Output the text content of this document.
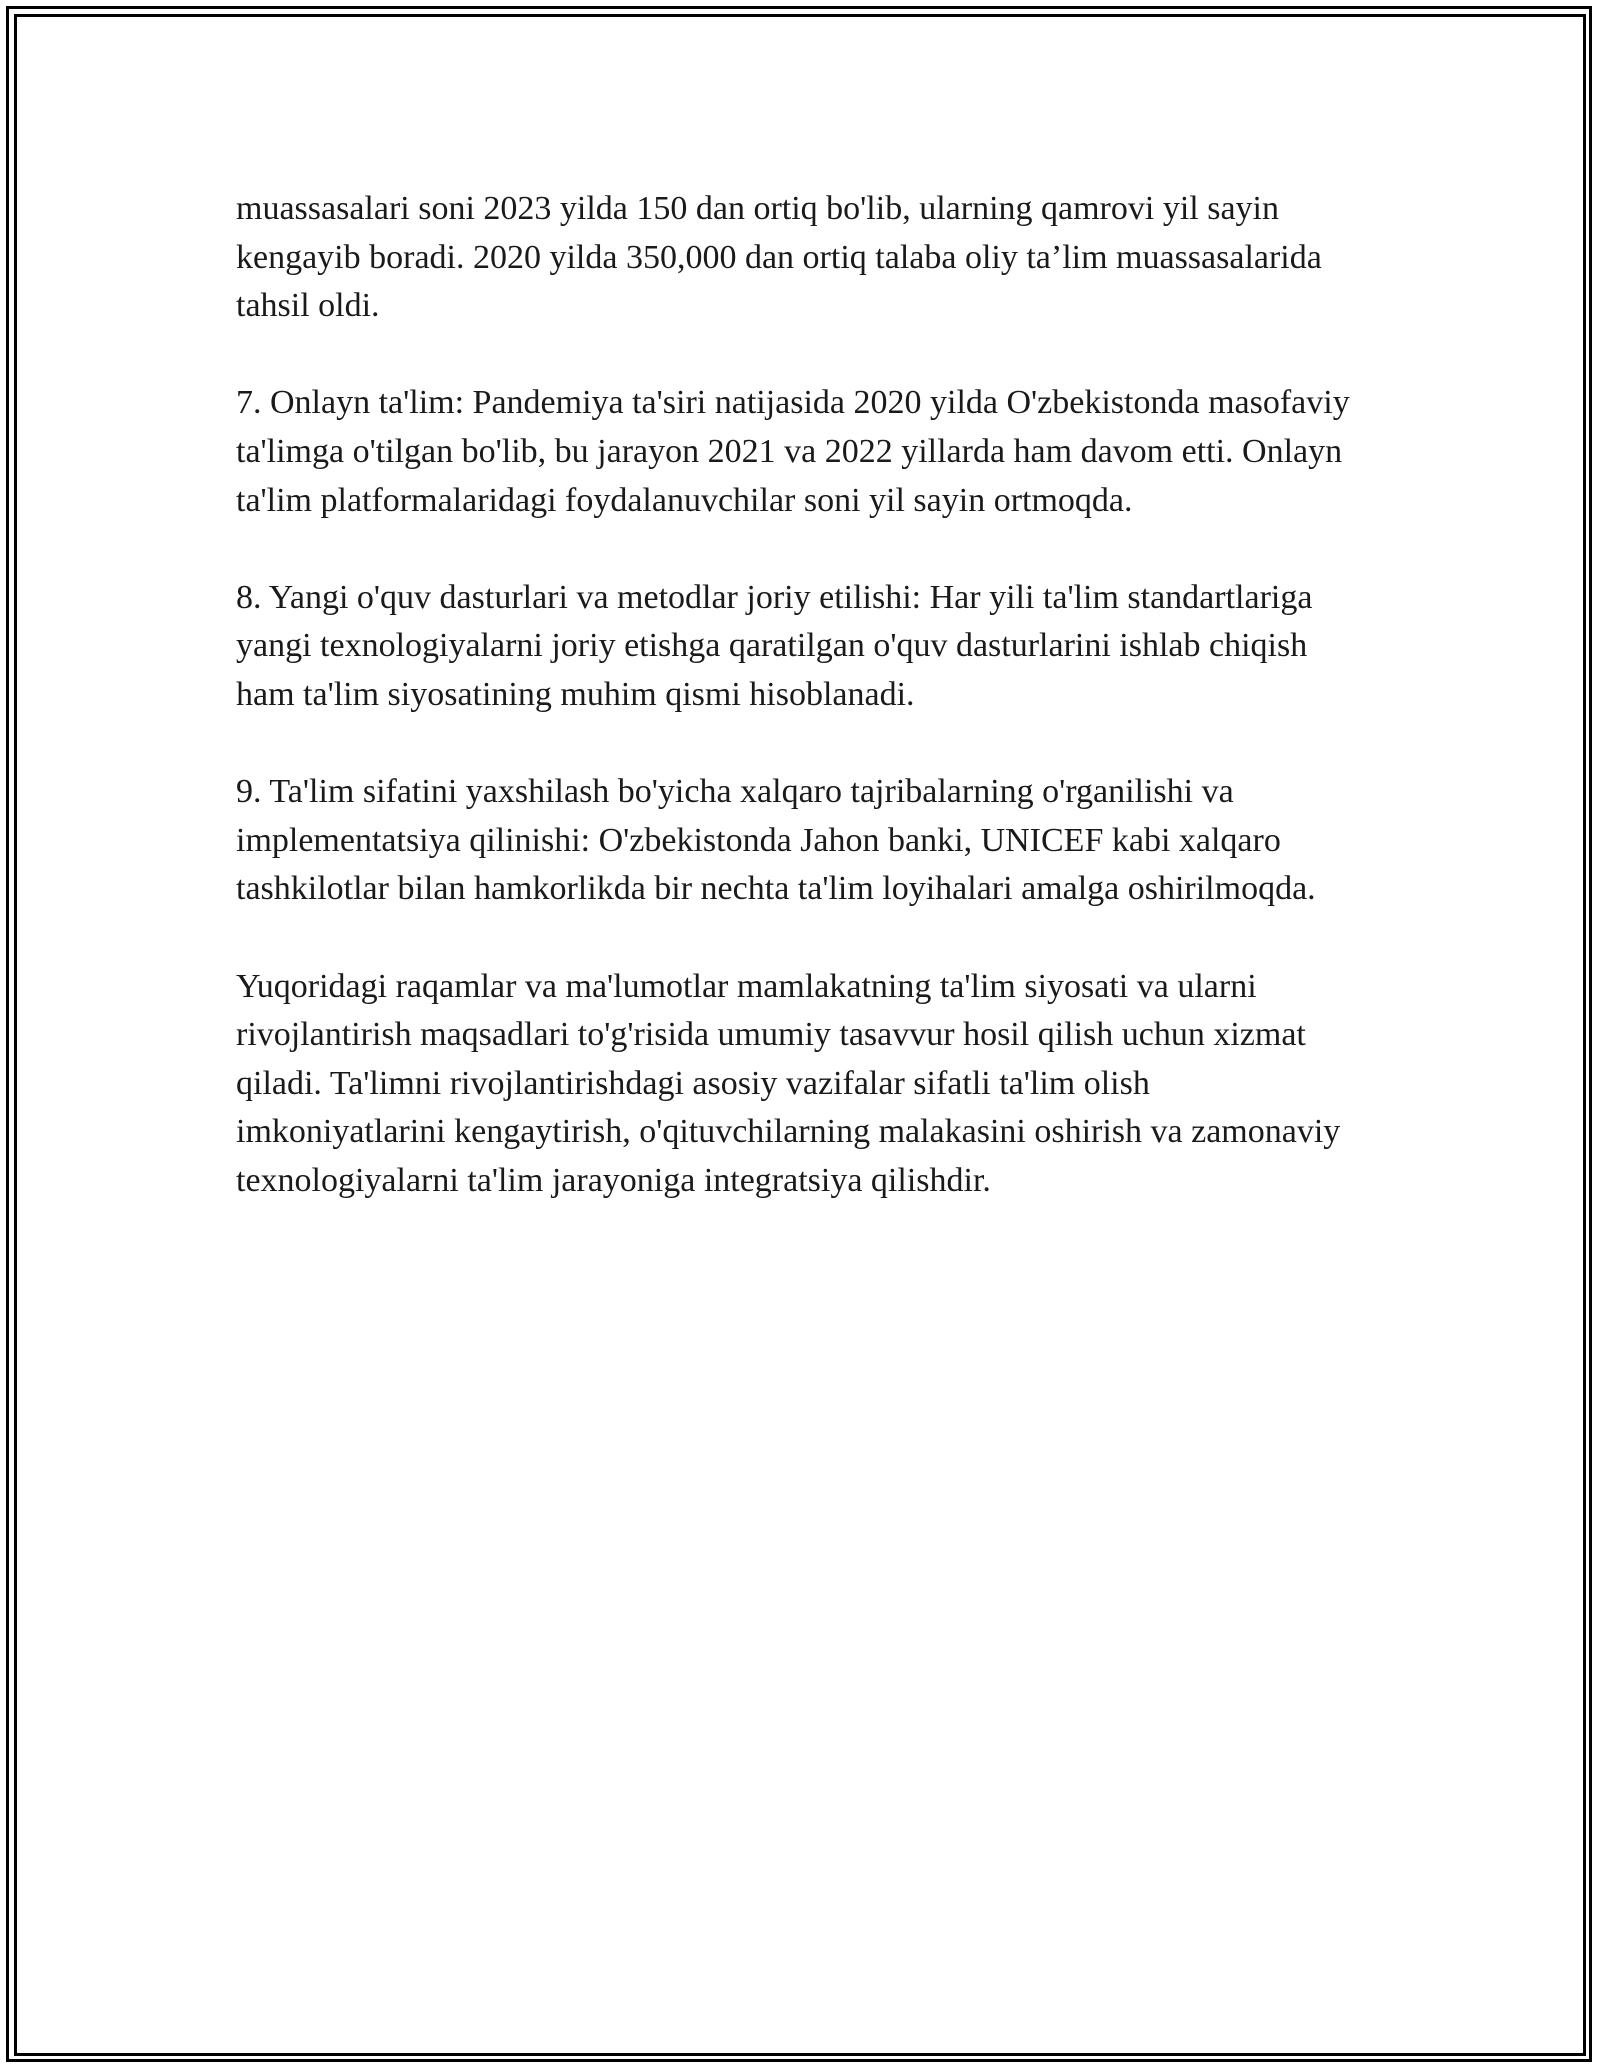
muassasalari soni 2023 yilda 150 dan ortiq bo'lib, ularning qamrovi yil sayin kengayib boradi. 2020 yilda 350,000 dan ortiq talaba oliy ta’lim muassasalarida tahsil oldi.

7. Onlayn ta'lim: Pandemiya ta'siri natijasida 2020 yilda O'zbekistonda masofaviy ta'limga o'tilgan bo'lib, bu jarayon 2021 va 2022 yillarda ham davom etti. Onlayn ta'lim platformalaridagi foydalanuvchilar soni yil sayin ortmoqda.

8. Yangi o'quv dasturlari va metodlar joriy etilishi: Har yili ta'lim standartlariga yangi texnologiyalarni joriy etishga qaratilgan o'quv dasturlarini ishlab chiqish ham ta'lim siyosatining muhim qismi hisoblanadi.

9. Ta'lim sifatini yaxshilash bo'yicha xalqaro tajribalarning o'rganilishi va implementatsiya qilinishi: O'zbekistonda Jahon banki, UNICEF kabi xalqaro tashkilotlar bilan hamkorlikda bir nechta ta'lim loyihalari amalga oshirilmoqda.

Yuqoridagi raqamlar va ma'lumotlar mamlakatning ta'lim siyosati va ularni rivojlantirish maqsadlari to'g'risida umumiy tasavvur hosil qilish uchun xizmat qiladi. Ta'limni rivojlantirishdagi asosiy vazifalar sifatli ta'lim olish imkoniyatlarini kengaytirish, o'qituvchilarning malakasini oshirish va zamonaviy texnologiyalarni ta'lim jarayoniga integratsiya qilishdir.
